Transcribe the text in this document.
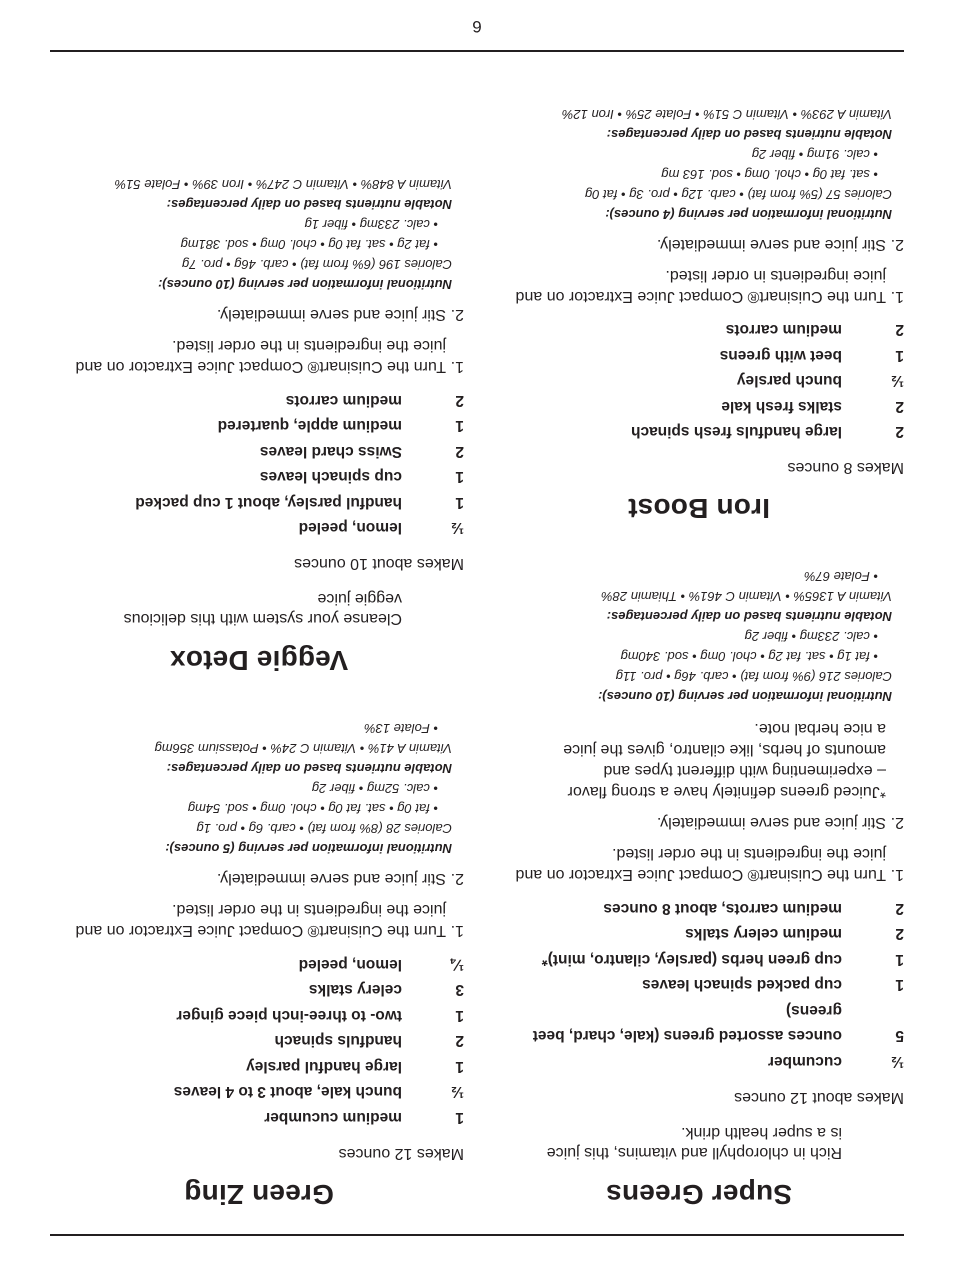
Super Greens

Rich in chlorophyll and vitamins, this juice is a super health drink.

Makes about 12 ounces

½
cucumber
5
ounces assorted greens (kale, chard, beet greens)
1
cup packed spinach leaves
1
cup green herbs (parsley, cilantro, mint)*
2
medium celery stalks
2
medium carrots, about 8 ounces
1.
Turn the Cuisinart® Compact Juice Extractor on and juice the ingredients in the order listed.
2.
Stir juice and serve immediately.

*Juiced greens definitely have a strong flavor – experimenting with different types and amounts of herbs, like cilantro, gives the juice a nice herbal note.

Nutritional information per serving (10 ounces):
Calories 216 (9% from fat) • carb. 46g • pro. 11g
• fat 1g • sat. fat 2g • chol. 0mg • sod. 340mg
• calc. 233mg • fiber 2g
Notable nutrients based on daily percentages:
Vitamin A 1365% • Vitamin C 461% • Thiamin 28%
• Folate 67%
Iron Boost

Makes 8 ounces

2
large handfuls fresh spinach
2
stalks fresh kale
½
bunch parsley
1
beet with greens
2
medium carrots
1.
Turn the Cuisinart® Compact Juice Extractor on and juice ingredients in order listed.
2.
Stir juice and serve immediately.
Nutritional information per serving (4 ounces):
Calories 57 (5% from fat) • carb. 12g • pro. 3g • fat 0g
• sat. fat 0g • chol. 0mg • sod. 163 mg
• calc. 91mg • fiber 2g
Notable nutrients based on daily percentages:
Vitamin A 293% • Vitamin C 51% • Folate 25% • Iron 12%
Green Zing

Makes 12 ounces

1
medium cucumber
½
bunch kale, about 3 to 4 leaves
1
large handful parsley
2
handfuls spinach
1
two- to three-inch piece ginger
3
celery stalks
¼
lemon, peeled
1.
Turn the Cuisinart® Compact Juice Extractor on and juice the ingredients in the order listed.
2.
Stir juice and serve immediately.
Nutritional information per serving (5 ounces):
Calories 28 (8% from fat) • carb. 6g • pro. 1g
• fat 0g • sat. fat 0g • chol. 0mg • sod. 54mg
• calc. 52mg • fiber 2g
Notable nutrients based on daily percentages:
Vitamin A 41% • Vitamin C 24% • Potassium 356mg
• Folate 13%
Veggie Detox

Cleanse your system with this delicious veggie juice

Makes about 10 ounces

½
lemon, peeled
1
handful parsley, about 1 cup packed
1
cup spinach leaves
2
Swiss chard leaves
1
medium apple, quartered
2
medium carrots
1.
Turn the Cuisinart® Compact Juice Extractor on and juice the ingredients in the order listed.
2.
Stir juice and serve immediately.
Nutritional information per serving (10 ounces):
Calories 196 (6% from fat) • carb. 46g • pro. 7g
• fat 2g • sat. fat 0g • chol. 0mg • sod. 381mg
• calc. 233mg • fiber 1g
Notable nutrients based on daily percentages:
Vitamin A 848% • Vitamin C 247% • Iron 39% • Folate 51%
6
